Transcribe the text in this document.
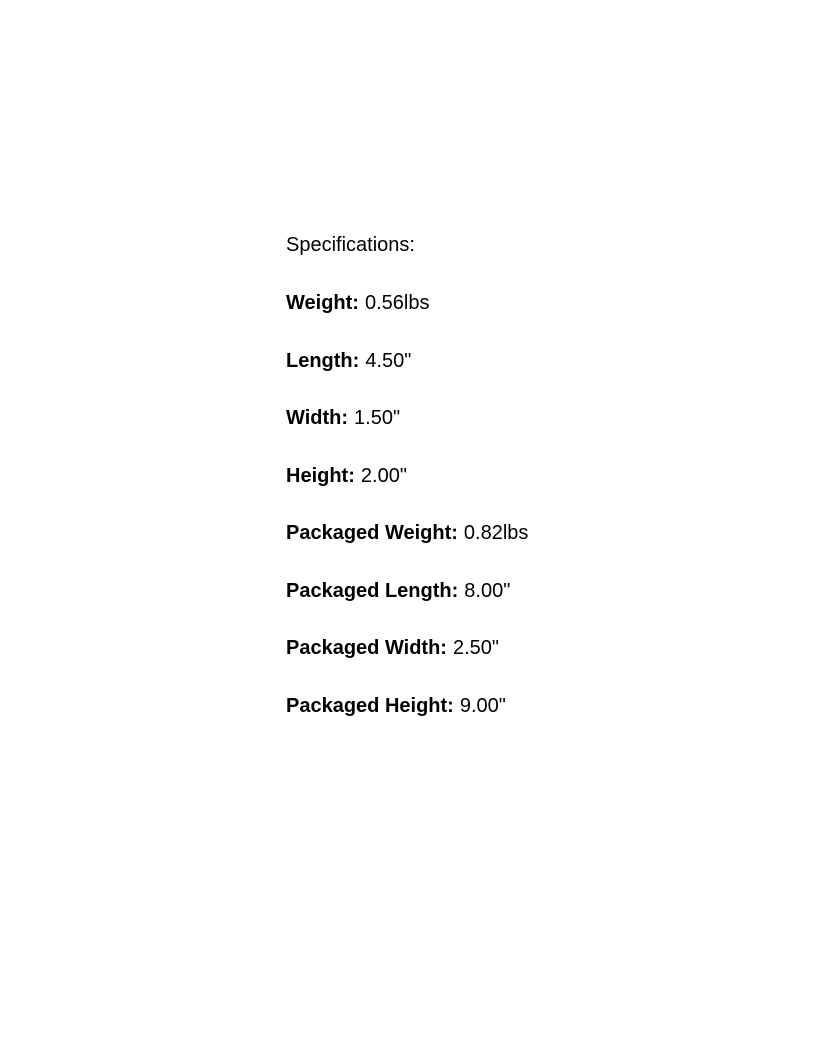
Specifications:

Weight: 0.56lbs

Length: 4.50"

Width: 1.50"

Height: 2.00"

Packaged Weight: 0.82lbs

Packaged Length: 8.00"

Packaged Width: 2.50"

Packaged Height: 9.00"
